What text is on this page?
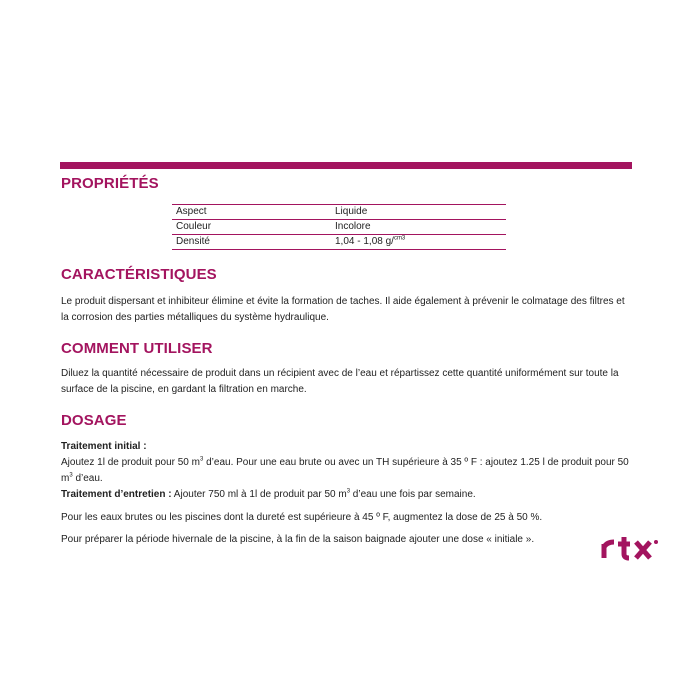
PROPRIÉTÉS
Aspect	Liquide
Couleur	Incolore
Densité	1,04 - 1,08 g/$^{cm3}$
CARACTÉRISTIQUES

Le produit dispersant et inhibiteur élimine et évite la formation de taches. Il aide également à prévenir le colmatage des filtres et la corrosion des parties métalliques du système hydraulique.

COMMENT UTILISER

Diluez la quantité nécessaire de produit dans un récipient avec de l’eau et répartissez cette quantité uniformément sur toute la surface de la piscine, en gardant la filtration en marche.

DOSAGE

Traitement initial :
Ajoutez 1l de produit pour 50 $m^3$ d’eau. Pour une eau brute ou avec un TH supérieure à 35 º F : ajoutez 1.25 l de produit pour 50 $m^3$ d’eau.

Traitement d’entretien : Ajouter 750 ml à 1l de produit par 50 $m^3$ d’eau une fois par semaine.

Pour les eaux brutes ou les piscines dont la dureté est supérieure à 45 º F, augmentez la dose de 25 à 50 %.

Pour préparer la période hivernale de la piscine, à la fin de la saison baignade ajouter une dose « initiale ».
